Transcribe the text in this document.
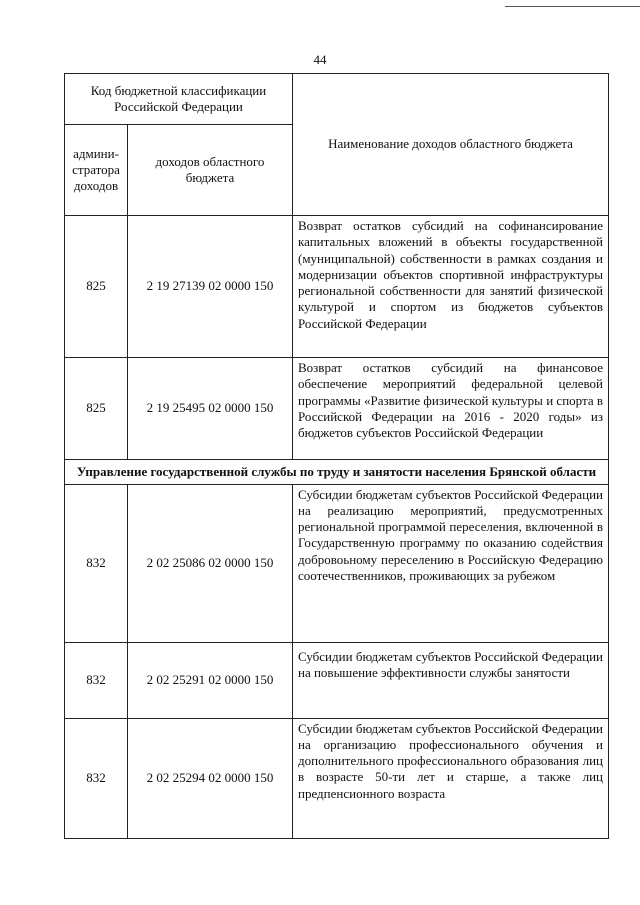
44
Код бюджетной классификации Российской Федерации		Наименование доходов областного бюджета
админи-стратора доходов	доходов областного бюджета	
825	2 19 27139 02 0000 150	Возврат остатков субсидий на софинансирование капитальных вложений в объекты государственной (муниципальной) собственности в рамках создания и модернизации объектов спортивной инфраструктуры региональной собственности для занятий физической культурой и спортом из бюджетов субъектов Российской Федерации
825	2 19 25495 02 0000 150	Возврат остатков субсидий на финансовое обеспечение мероприятий федеральной целевой программы «Развитие физической культуры и спорта в Российской Федерации на 2016 - 2020 годы» из бюджетов субъектов Российской Федерации
Управление государственной службы по труду и занятости населения Брянской области		
832	2 02 25086 02 0000 150	Субсидии бюджетам субъектов Российской Федерации на реализацию мероприятий, предусмотренных региональной программой переселения, включенной в Государственную программу по оказанию содействия добровоьному переселению в Российскую Федерацию соотечественников, проживающих за рубежом
832	2 02 25291 02 0000 150	Субсидии бюджетам субъектов Российской Федерации на повышение эффективности службы занятости
832	2 02 25294 02 0000 150	Субсидии бюджетам субъектов Российской Федерации на организацию профессионального обучения и дополнительного профессионального образования лиц в возрасте 50-ти лет и старше, а также лиц предпенсионного возраста
